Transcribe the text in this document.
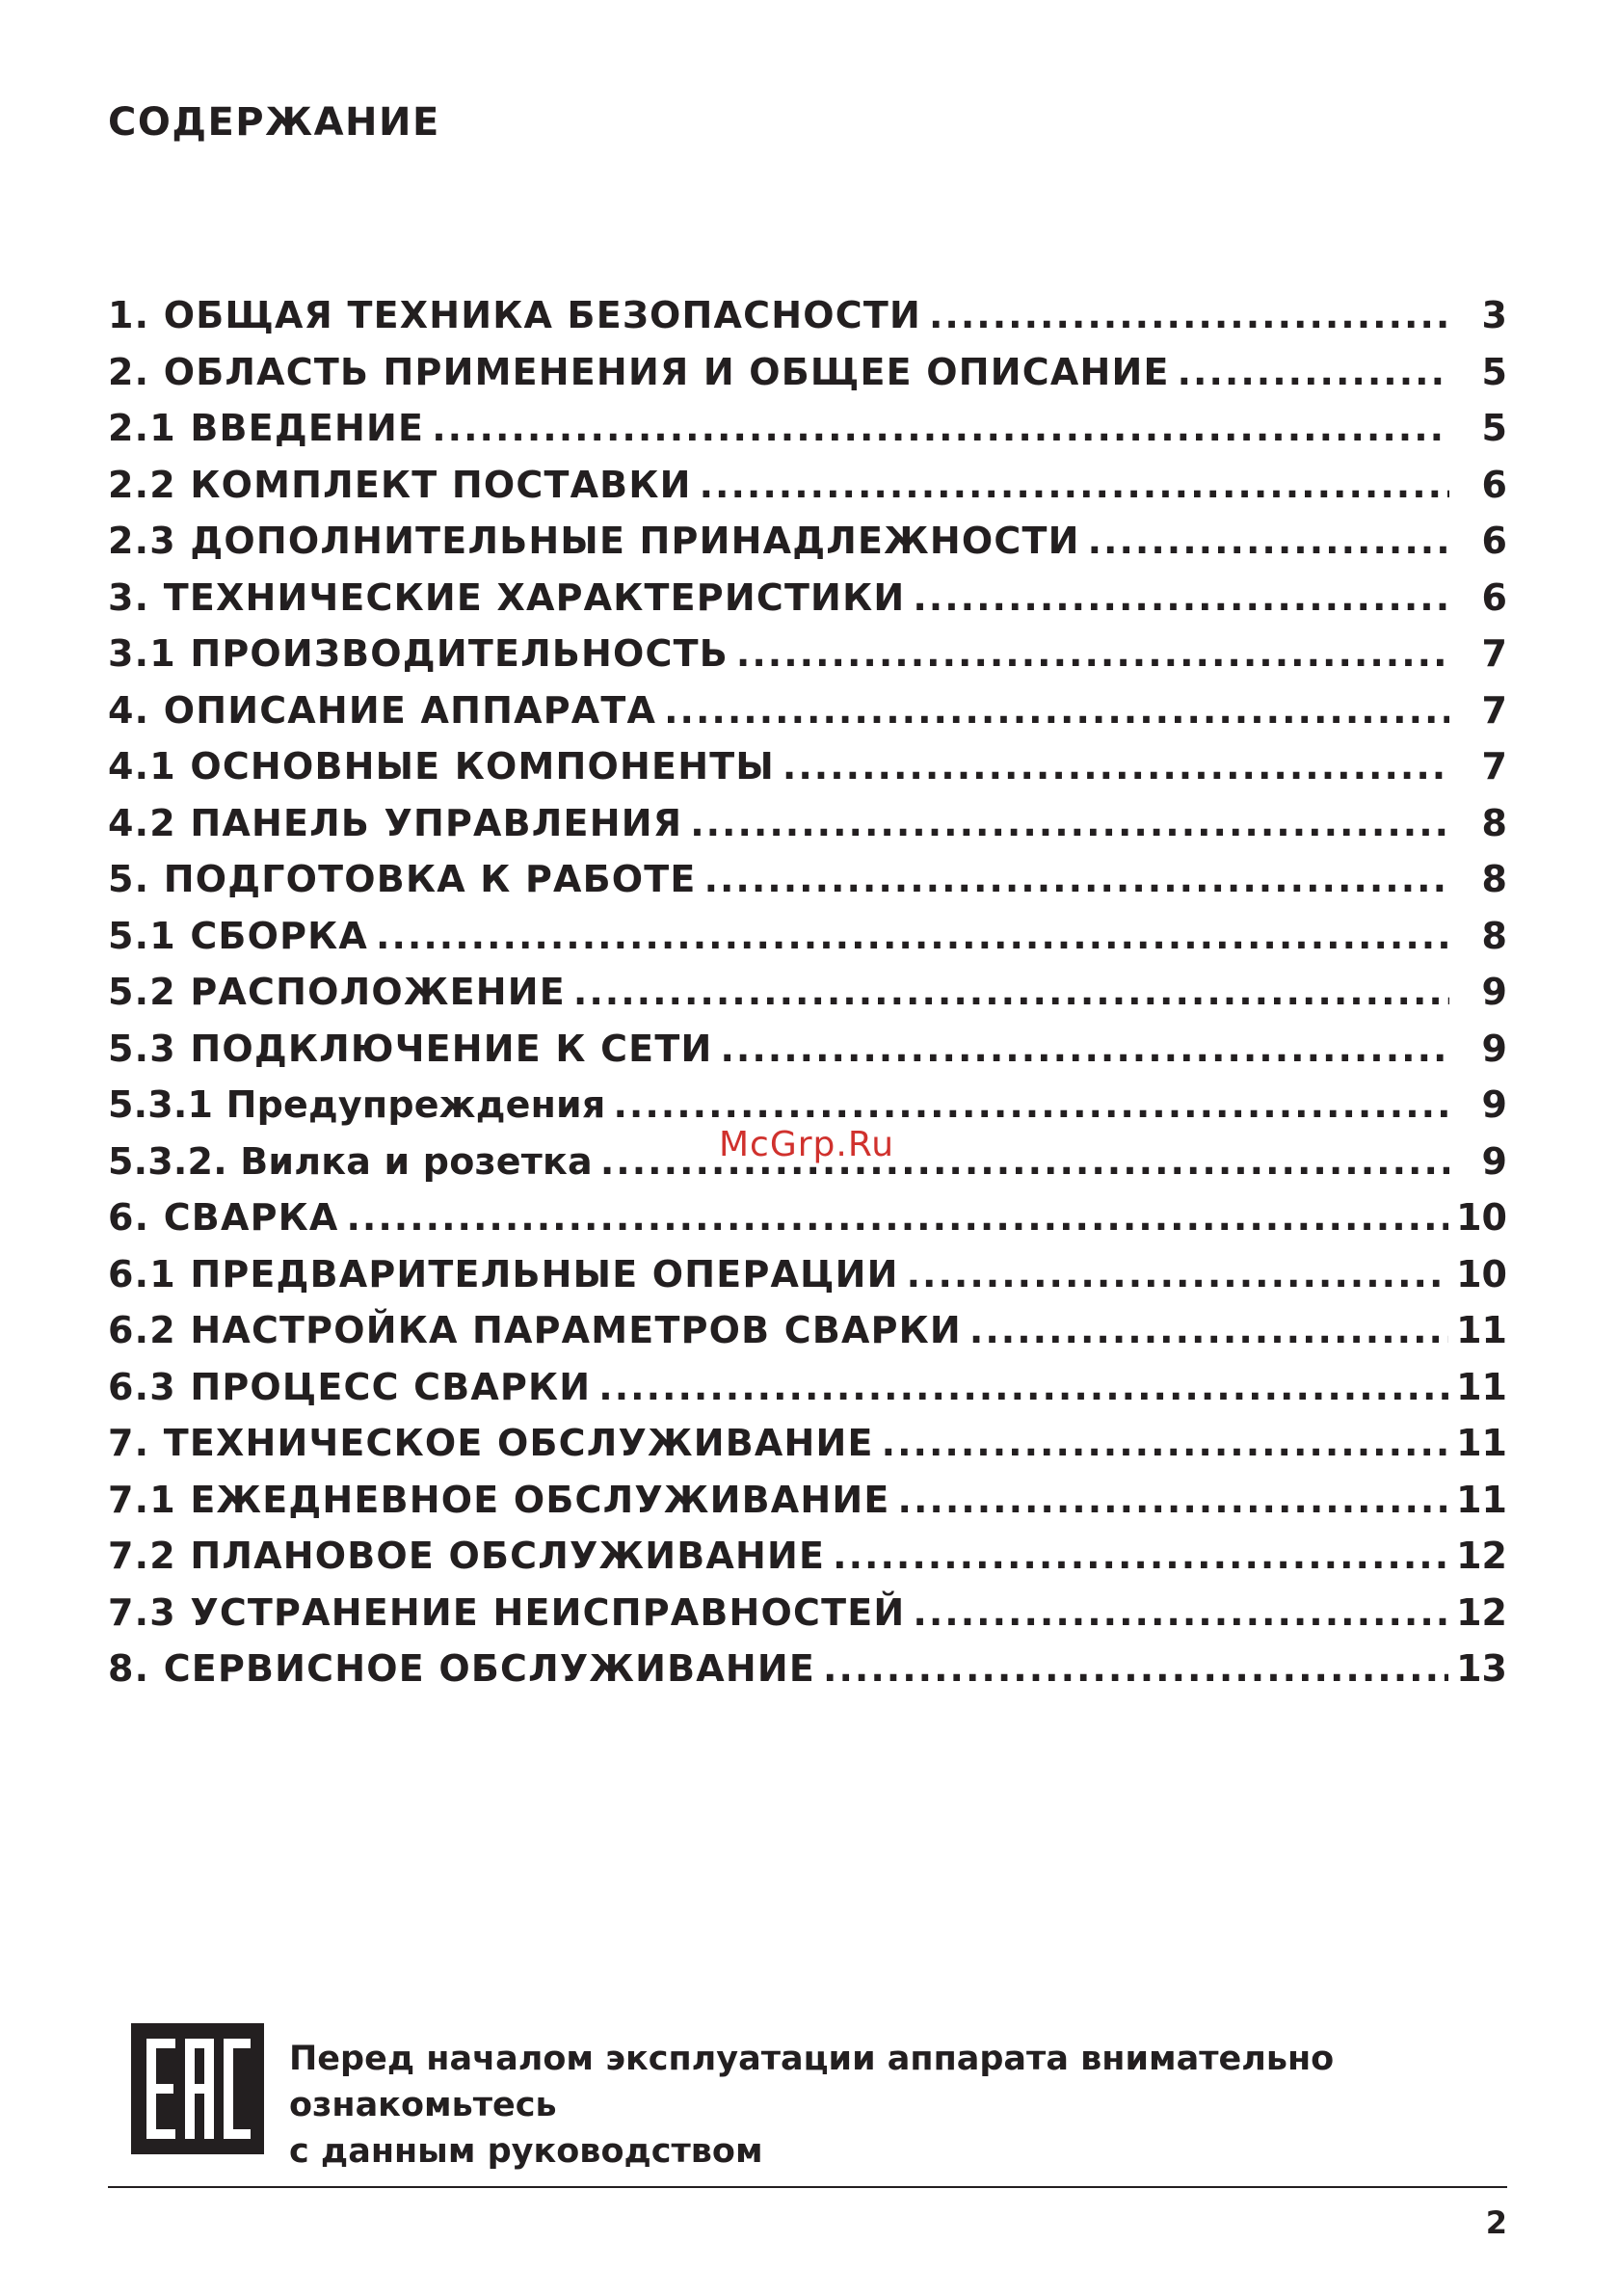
СОДЕРЖАНИЕ
1. ОБЩАЯ ТЕХНИКА БЕЗОПАСНОСТИ .....	3
2. ОБЛАСТЬ ПРИМЕНЕНИЯ И ОБЩЕЕ ОПИСАНИЕ .....	5
2.1 ВВЕДЕНИЕ .....	5
2.2 КОМПЛЕКТ ПОСТАВКИ .....	6
2.3 ДОПОЛНИТЕЛЬНЫЕ ПРИНАДЛЕЖНОСТИ .....	6
3. ТЕХНИЧЕСКИЕ ХАРАКТЕРИСТИКИ .....	6
3.1 ПРОИЗВОДИТЕЛЬНОСТЬ .....	7
4. ОПИСАНИЕ АППАРАТА .....	7
4.1 ОСНОВНЫЕ КОМПОНЕНТЫ .....	7
4.2 ПАНЕЛЬ УПРАВЛЕНИЯ .....	8
5. ПОДГОТОВКА К РАБОТЕ .....	8
5.1 СБОРКА .....	8
5.2 РАСПОЛОЖЕНИЕ .....	9
5.3 ПОДКЛЮЧЕНИЕ К СЕТИ .....	9
5.3.1 Предупреждения .....	9
5.3.2. Вилка и розетка .....	9
6. СВАРКА .....	10
6.1 ПРЕДВАРИТЕЛЬНЫЕ ОПЕРАЦИИ .....	10
6.2 НАСТРОЙКА ПАРАМЕТРОВ СВАРКИ .....	11
6.3 ПРОЦЕСС СВАРКИ .....	11
7. ТЕХНИЧЕСКОЕ ОБСЛУЖИВАНИЕ .....	11
7.1 ЕЖЕДНЕВНОЕ ОБСЛУЖИВАНИЕ .....	11
7.2 ПЛАНОВОЕ ОБСЛУЖИВАНИЕ .....	12
7.3 УСТРАНЕНИЕ НЕИСПРАВНОСТЕЙ .....	12
8. СЕРВИСНОЕ ОБСЛУЖИВАНИЕ .....	13
McGrp.Ru

Перед началом эксплуатации аппарата внимательно ознакомьтесь
с данным руководством

2
